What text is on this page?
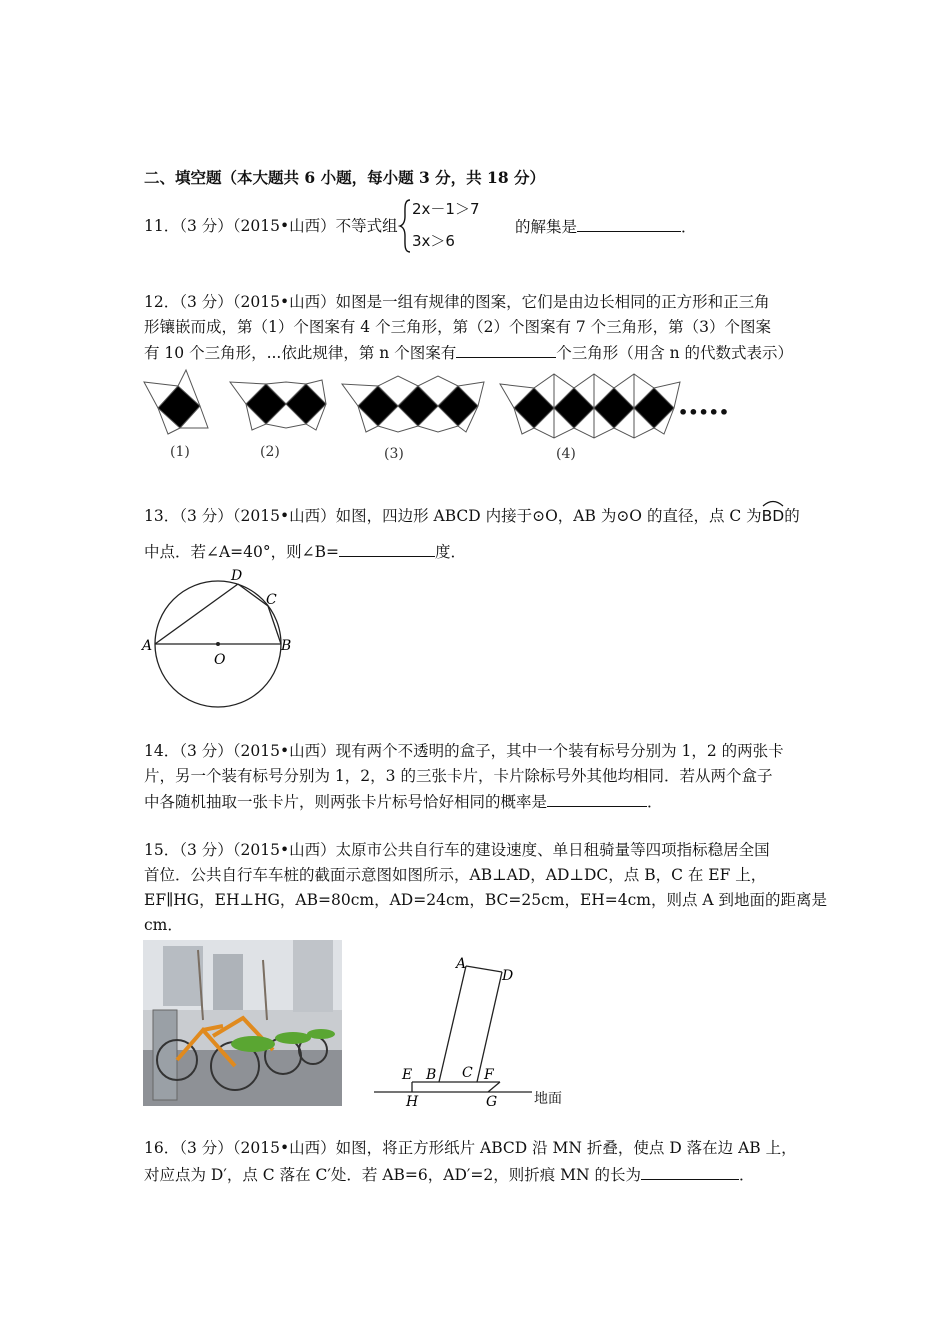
二、填空题（本大题共 6 小题，每小题 3 分，共 18 分）
11．（3 分）（2015•山西）不等式组
2x－1＞7
3x＞6
的解集是	．
12．（3 分）（2015•山西）如图是一组有规律的图案，它们是由边长相同的正方形和正三角
形镶嵌而成，第（1）个图案有 4 个三角形，第（2）个图案有 7 个三角形，第（3）个图案
有 10 个三角形，...依此规律，第 n 个图案有	个三角形（用含 n 的代数式表示）
•••••
(1)	(2)	(3)	(4)
13．（3 分）（2015•山西）如图，四边形 ABCD 内接于⊙O，AB 为⊙O 的直径，点 C 为
BD的
中点．若∠A=40°，则∠B=	度．
A	B
C
D
O
14．（3 分）（2015•山西）现有两个不透明的盒子，其中一个装有标号分别为 1，2 的两张卡
片，另一个装有标号分别为 1，2，3 的三张卡片，卡片除标号外其他均相同．若从两个盒子
中各随机抽取一张卡片，则两张卡片标号恰好相同的概率是	．
15．（3 分）（2015•山西）太原市公共自行车的建设速度、单日租骑量等四项指标稳居全国
首位．公共自行车车桩的截面示意图如图所示，AB⊥AD，AD⊥DC，点 B，C 在 EF 上，
EF∥HG，EH⊥HG，AB=80cm，AD=24cm，BC=25cm，EH=4cm，则点 A 到地面的距离是
cm．
A
D
E B C F
H	G	地面
16．（3 分）（2015•山西）如图，将正方形纸片 ABCD 沿 MN 折叠，使点 D 落在边 AB 上，
对应点为 D′，点 C 落在 C′处．若 AB=6，AD′=2，则折痕 MN 的长为	．
